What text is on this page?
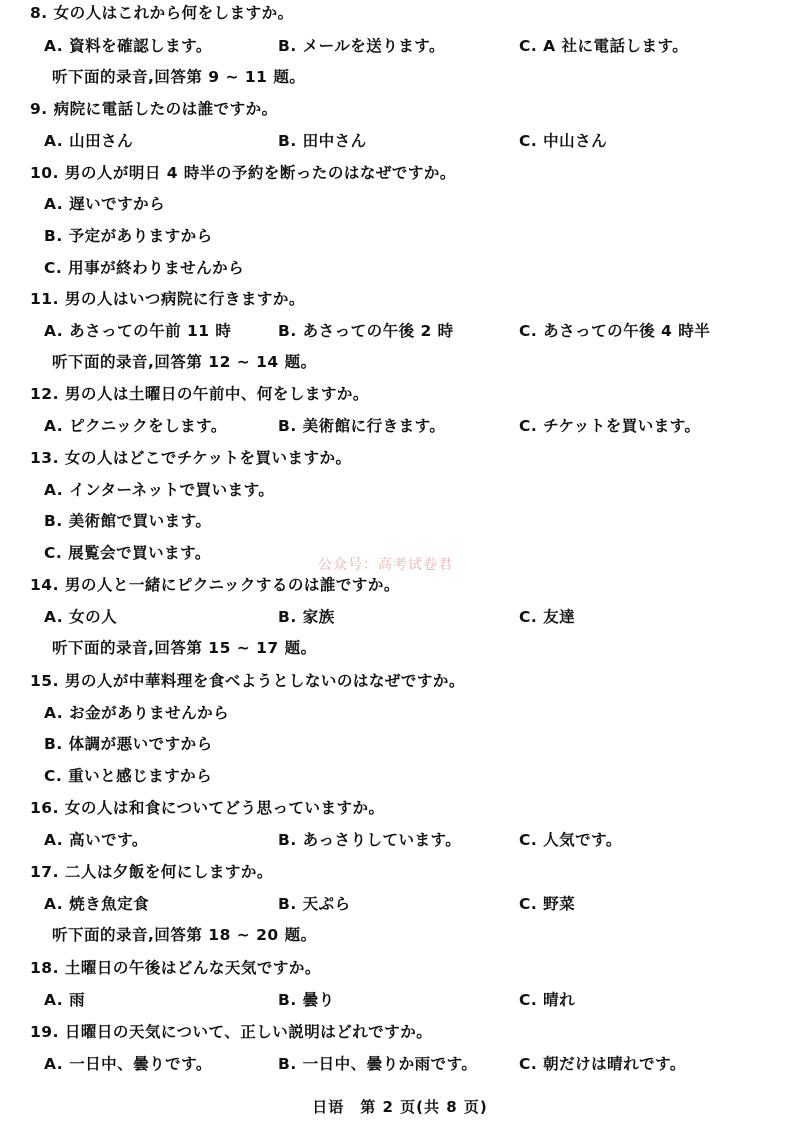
8. 女の人はこれから何をしますか。
A. 資料を確認します。	B. メールを送ります。	C. A 社に電話します。
听下面的录音,回答第 9 ~ 11 题。
9. 病院に電話したのは誰ですか。
A. 山田さん	B. 田中さん	C. 中山さん
10. 男の人が明日 4 時半の予約を断ったのはなぜですか。
A. 遅いですから
B. 予定がありますから
C. 用事が終わりませんから
11. 男の人はいつ病院に行きますか。
A. あさっての午前 11 時	B. あさっての午後 2 時	C. あさっての午後 4 時半
听下面的录音,回答第 12 ~ 14 题。
12. 男の人は土曜日の午前中、何をしますか。
A. ピクニックをします。	B. 美術館に行きます。	C. チケットを買います。
13. 女の人はどこでチケットを買いますか。
A. インターネットで買います。
B. 美術館で買います。
C. 展覧会で買います。
公众号：高考试卷君
14. 男の人と一緒にピクニックするのは誰ですか。
A. 女の人	B. 家族	C. 友達
听下面的录音,回答第 15 ~ 17 题。
15. 男の人が中華料理を食べようとしないのはなぜですか。
A. お金がありませんから
B. 体調が悪いですから
C. 重いと感じますから
16. 女の人は和食についてどう思っていますか。
A. 高いです。	B. あっさりしています。	C. 人気です。
17. 二人は夕飯を何にしますか。
A. 焼き魚定食	B. 天ぷら	C. 野菜
听下面的录音,回答第 18 ~ 20 题。
18. 土曜日の午後はどんな天気ですか。
A. 雨	B. 曇り	C. 晴れ
19. 日曜日の天気について、正しい説明はどれですか。
A. 一日中、曇りです。	B. 一日中、曇りか雨です。	C. 朝だけは晴れです。
日语　第 2 页(共 8 页)
